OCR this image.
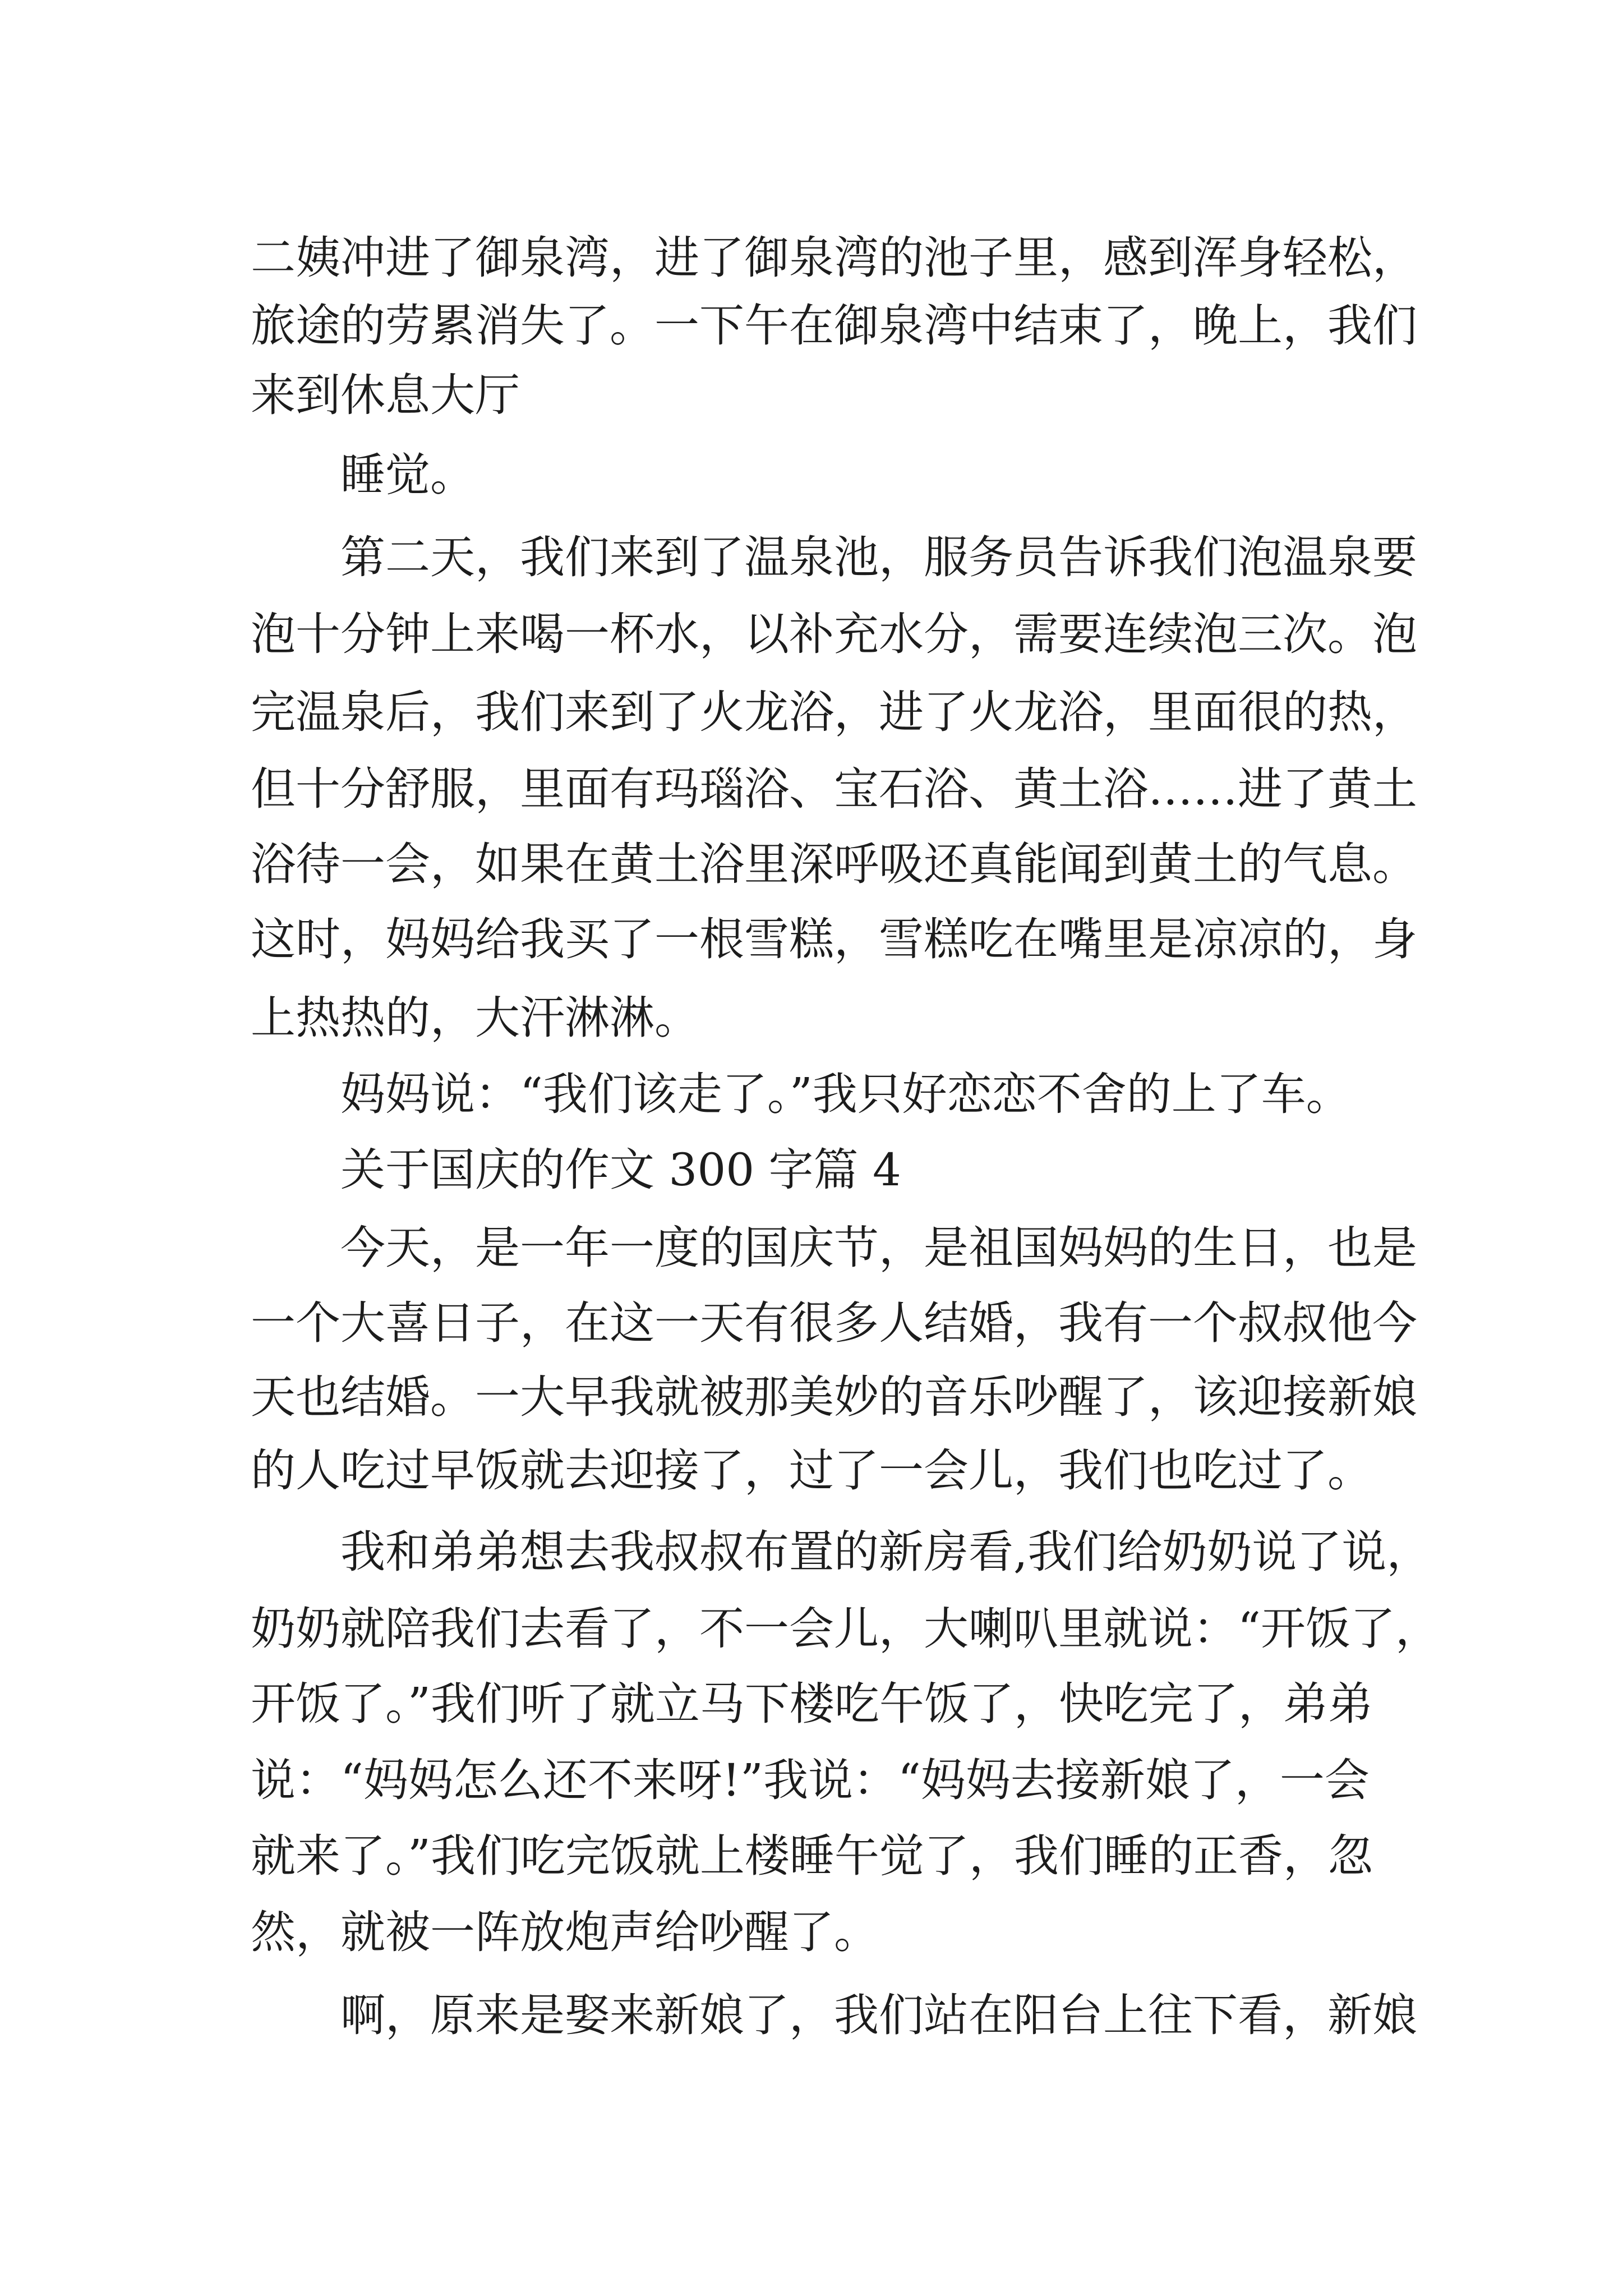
二姨冲进了御泉湾，进了御泉湾的池子里，感到浑身轻松，
旅途的劳累消失了。一下午在御泉湾中结束了，晚上，我们
来到休息大厅
睡觉。
第二天，我们来到了温泉池，服务员告诉我们泡温泉要
泡十分钟上来喝一杯水，以补充水分，需要连续泡三次。泡
完温泉后，我们来到了火龙浴，进了火龙浴，里面很的热，
但十分舒服，里面有玛瑙浴、宝石浴、黄土浴……进了黄土
浴待一会，如果在黄土浴里深呼吸还真能闻到黄土的气息。
这时，妈妈给我买了一根雪糕，雪糕吃在嘴里是凉凉的，身
上热热的，大汗淋淋。
妈妈说：“我们该走了。”我只好恋恋不舍的上了车。
关于国庆的作文 300 字篇 4
今天，是一年一度的国庆节，是祖国妈妈的生日，也是
一个大喜日子，在这一天有很多人结婚，我有一个叔叔他今
天也结婚。一大早我就被那美妙的音乐吵醒了，该迎接新娘
的人吃过早饭就去迎接了，过了一会儿，我们也吃过了。
我和弟弟想去我叔叔布置的新房看,我们给奶奶说了说，
奶奶就陪我们去看了，不一会儿，大喇叭里就说：“开饭了，
开饭了。”我们听了就立马下楼吃午饭了，快吃完了，弟弟
说：“妈妈怎么还不来呀!”我说：“妈妈去接新娘了，一会
就来了。”我们吃完饭就上楼睡午觉了，我们睡的正香，忽
然，就被一阵放炮声给吵醒了。
啊，原来是娶来新娘了，我们站在阳台上往下看，新娘
